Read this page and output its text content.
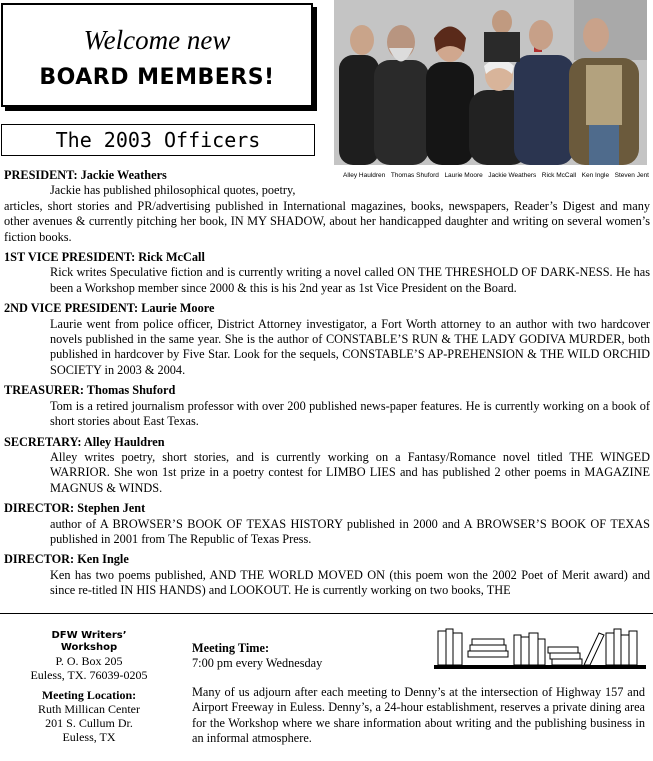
Welcome new
BOARD MEMBERS!
The 2003 Officers
Alley Hauldren Thomas Shuford Laurie Moore Jackie Weathers Rick McCall Ken Ingle Steven Jent
PRESIDENT: Jackie Weathers
Jackie has published philosophical quotes, poetry,
articles, short stories and PR/advertising published in International magazines, books, newspapers, Reader’s Digest and many other avenues & currently pitching her book, IN MY SHADOW, about her handicapped daughter and writing on several women’s fiction books.
1ST VICE PRESIDENT: Rick McCall
Rick writes Speculative fiction and is currently writing a novel called ON THE THRESHOLD OF DARK-NESS. He has been a Workshop member since 2000 & this is his 2nd year as 1st Vice President on the Board.
2ND VICE PRESIDENT: Laurie Moore
Laurie went from police officer, District Attorney investigator, a Fort Worth attorney to an author with two hardcover novels published in the same year. She is the author of CONSTABLE’S RUN & THE LADY GODIVA MURDER, both published in hardcover by Five Star. Look for the sequels, CONSTABLE’S AP-PREHENSION & THE WILD ORCHID SOCIETY in 2003 & 2004.
TREASURER: Thomas Shuford
Tom is a retired journalism professor with over 200 published news-paper features. He is currently working on a book of short stories about East Texas.
SECRETARY: Alley Hauldren
Alley writes poetry, short stories, and is currently working on a Fantasy/Romance novel titled THE WINGED WARRIOR. She won 1st prize in a poetry contest for LIMBO LIES and has published 2 other poems in MAGAZINE MAGNUS & WINDS.
DIRECTOR: Stephen Jent
author of A BROWSER’S BOOK OF TEXAS HISTORY published in 2000 and A BROWSER’S BOOK OF TEXAS published in 2001 from The Republic of Texas Press.
DIRECTOR: Ken Ingle
Ken has two poems published, AND THE WORLD MOVED ON (this poem won the 2002 Poet of Merit award) and since re-titled IN HIS HANDS) and LOOKOUT. He is currently working on two books, THE
DFW Writers’
Workshop
P. O. Box 205
Euless, TX. 76039-0205
Meeting Location:
Ruth Millican Center
201 S. Cullum Dr.
Euless, TX
Meeting Time:
7:00 pm every Wednesday
Many of us adjourn after each meeting to Denny’s at the intersection of Highway 157 and Airport Freeway in Euless. Denny’s, a 24-hour establishment, reserves a private dining area for the Workshop where we share information about writing and the publishing business in an informal atmosphere.
